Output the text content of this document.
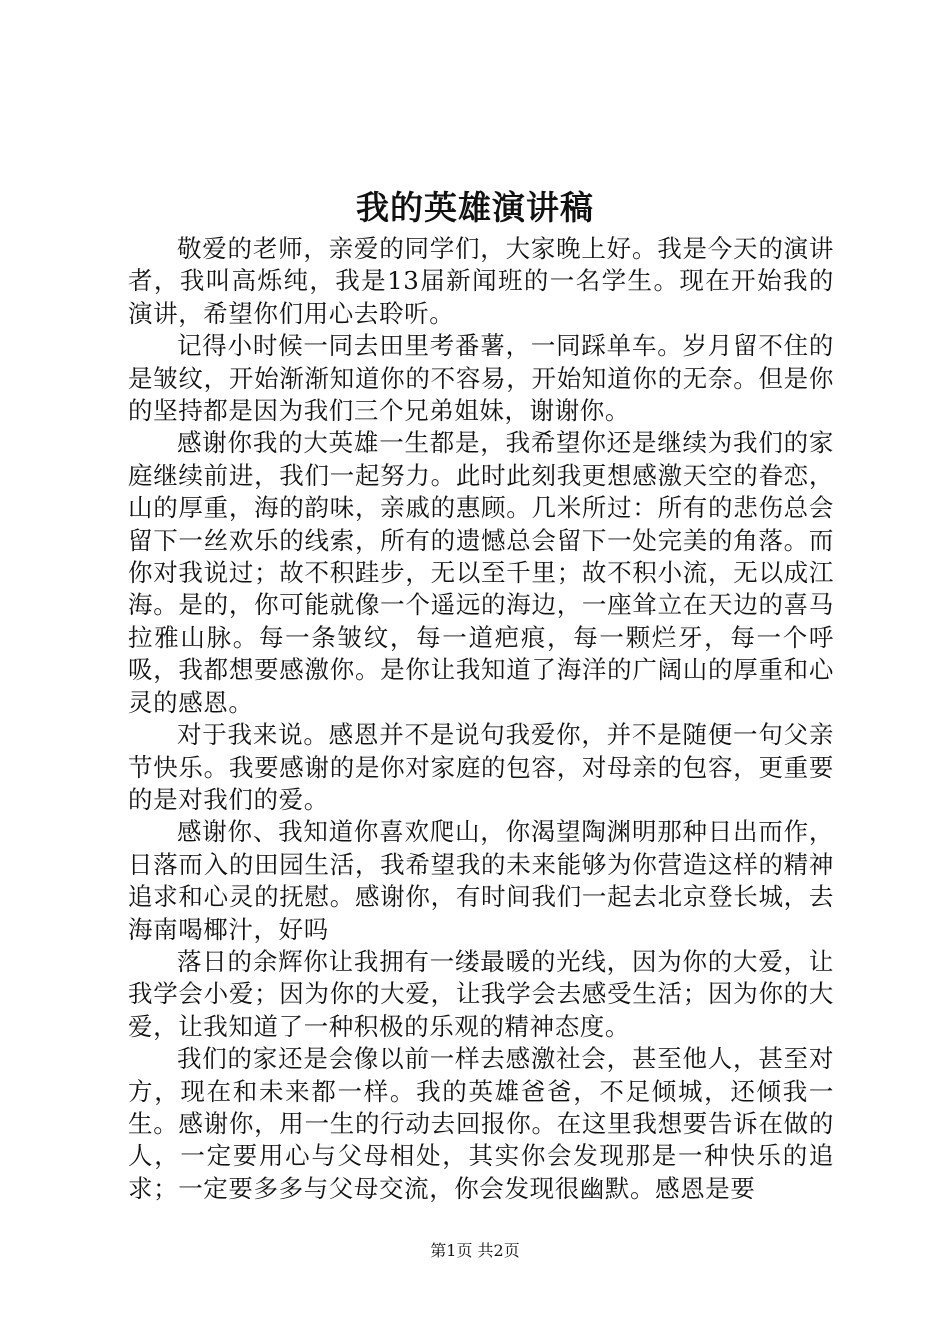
我的英雄演讲稿

敬爱的老师，亲爱的同学们，大家晚上好。我是今天的演讲者，我叫高烁纯，我是13届新闻班的一名学生。现在开始我的演讲，希望你们用心去聆听。

记得小时候一同去田里考番薯，一同踩单车。岁月留不住的是皱纹，开始渐渐知道你的不容易，开始知道你的无奈。但是你的坚持都是因为我们三个兄弟姐妹，谢谢你。

感谢你我的大英雄一生都是，我希望你还是继续为我们的家庭继续前进，我们一起努力。此时此刻我更想感激天空的眷恋，山的厚重，海的韵味，亲戚的惠顾。几米所过：所有的悲伤总会留下一丝欢乐的线索，所有的遗憾总会留下一处完美的角落。而你对我说过；故不积跬步，无以至千里；故不积小流，无以成江海。是的，你可能就像一个遥远的海边，一座耸立在天边的喜马拉雅山脉。每一条皱纹，每一道疤痕，每一颗烂牙，每一个呼吸，我都想要感激你。是你让我知道了海洋的广阔山的厚重和心灵的感恩。

对于我来说。感恩并不是说句我爱你，并不是随便一句父亲节快乐。我要感谢的是你对家庭的包容，对母亲的包容，更重要的是对我们的爱。

感谢你、我知道你喜欢爬山，你渴望陶渊明那种日出而作，日落而入的田园生活，我希望我的未来能够为你营造这样的精神追求和心灵的抚慰。感谢你，有时间我们一起去北京登长城，去海南喝椰汁，好吗

落日的余辉你让我拥有一缕最暖的光线，因为你的大爱，让我学会小爱；因为你的大爱，让我学会去感受生活；因为你的大爱，让我知道了一种积极的乐观的精神态度。

我们的家还是会像以前一样去感激社会，甚至他人，甚至对方，现在和未来都一样。我的英雄爸爸，不足倾城，还倾我一生。感谢你，用一生的行动去回报你。在这里我想要告诉在做的人，一定要用心与父母相处，其实你会发现那是一种快乐的追求；一定要多多与父母交流，你会发现很幽默。感恩是要

第1页 共2页
